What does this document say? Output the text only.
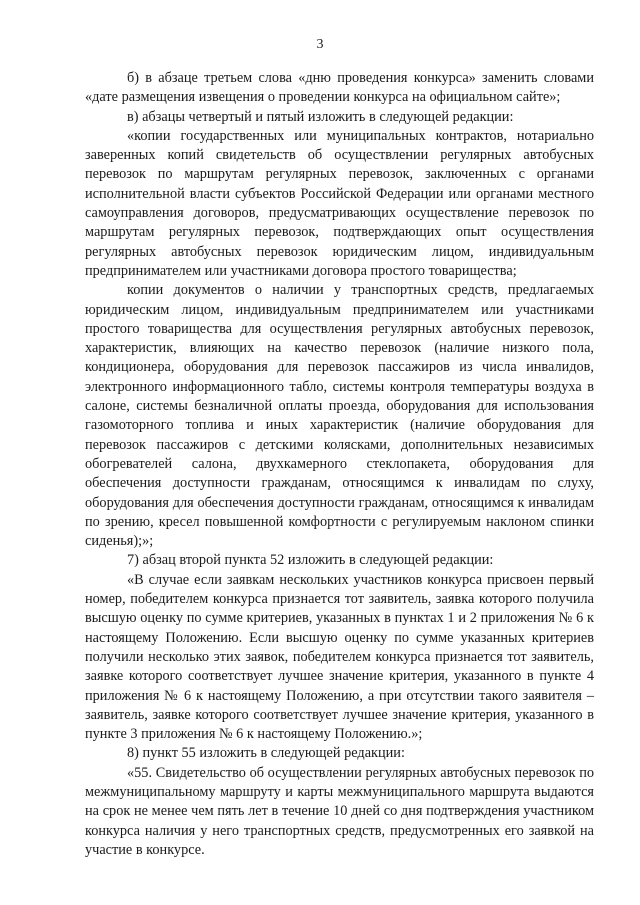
3

б) в абзаце третьем слова «дню проведения конкурса» заменить словами «дате размещения извещения о проведении конкурса на официальном сайте»;

в) абзацы четвертый и пятый изложить в следующей редакции:

«копии государственных или муниципальных контрактов, нотариально заверенных копий свидетельств об осуществлении регулярных автобусных перевозок по маршрутам регулярных перевозок, заключенных с органами исполнительной власти субъектов Российской Федерации или органами местного самоуправления договоров, предусматривающих осуществление перевозок по маршрутам регулярных перевозок, подтверждающих опыт осуществления регулярных автобусных перевозок юридическим лицом, индивидуальным предпринимателем или участниками договора простого товарищества;

копии документов о наличии у транспортных средств, предлагаемых юридическим лицом, индивидуальным предпринимателем или участниками простого товарищества для осуществления регулярных автобусных перевозок, характеристик, влияющих на качество перевозок (наличие низкого пола, кондиционера, оборудования для перевозок пассажиров из числа инвалидов, электронного информационного табло, системы контроля температуры воздуха в салоне, системы безналичной оплаты проезда, оборудования для использования газомоторного топлива и иных характеристик (наличие оборудования для перевозок пассажиров с детскими колясками, дополнительных независимых обогревателей салона, двухкамерного стеклопакета, оборудования для обеспечения доступности гражданам, относящимся к инвалидам по слуху, оборудования для обеспечения доступности гражданам, относящимся к инвалидам по зрению, кресел повышенной комфортности с регулируемым наклоном спинки сиденья);»;

7) абзац второй пункта 52 изложить в следующей редакции:

«В случае если заявкам нескольких участников конкурса присвоен первый номер, победителем конкурса признается тот заявитель, заявка которого получила высшую оценку по сумме критериев, указанных в пунктах 1 и 2 приложения № 6 к настоящему Положению. Если высшую оценку по сумме указанных критериев получили несколько этих заявок, победителем конкурса признается тот заявитель, заявке которого соответствует лучшее значение критерия, указанного в пункте 4 приложения № 6 к настоящему Положению, а при отсутствии такого заявителя – заявитель, заявке которого соответствует лучшее значение критерия, указанного в пункте 3 приложения № 6 к настоящему Положению.»;

8) пункт 55 изложить в следующей редакции:

«55. Свидетельство об осуществлении регулярных автобусных перевозок по межмуниципальному маршруту и карты межмуниципального маршрута выдаются на срок не менее чем пять лет в течение 10 дней со дня подтверждения участником конкурса наличия у него транспортных средств, предусмотренных его заявкой на участие в конкурсе.
